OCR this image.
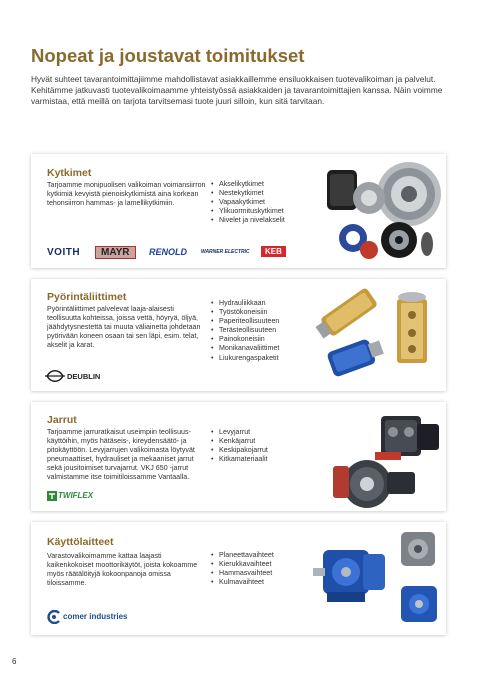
Nopeat ja joustavat toimitukset

Hyvät suhteet tavarantoimittajiimme mahdollistavat asiakkaillemme ensiluokkaisen tuotevalikoiman ja palvelut. Kehitämme jatkuvasti tuotevalikoimaamme yhteistyössä asiakkaiden ja tavarantoimittajien kanssa. Näin voimme varmistaa, että meillä on tarjota tarvitsemasi tuote juuri silloin, kun sitä tarvitaan.

Kytkimet

Tarjoamme monipuolisen valikoiman voimansiirron kytkimiä kevyistä pienoiskytkimistä aina korkean tehonsiirron hammas- ja lamellikytkimiin.

• Akselikytkimet
• Nestekytkimet
• Vapaakytkimet
• Ylikuormituskytkimet
• Nivelet ja nivelakselit
VOITH	MAYR	RENOLD	WARNER ELECTRIC	KEB
Pyörintäliittimet

Pyörintäliittimet palvelevat laaja-alaisesti teollisuutta kohteissa, joissa vettä, höyryä, öljyä, jäähdytysnestettä tai muuta väliainetta johdetaan pyörivään koneen osaan tai sen läpi, esim. telat, akselit ja karat.

• Hydrauliikkaan
• Työstökoneisiin
• Paperiteollisuuteen
• Terästeollisuuteen
• Painokoneisiin
• Monikanavaliittimet
• Liukurengaspaketit
DEUBLIN
Jarrut

Tarjoamme jarruratkaisut useimpiin teollisuus-käyttöihin, myös hätäseis-, kireydensäätö- ja pitokäyttöön. Levyjarrujen valikoimasta löytyvät pneumaattiset, hydrauliset ja mekaaniset jarrut sekä jousitoimiset turvajarrut. VKJ 650 -jarrut valmistamme itse toimitiloissamme Vantaalla.

• Levyjarrut
• Kenkäjarrut
• Keskipakojarrut
• Kitkamateriaalit
TWIFLEX
Käyttölaitteet

Varastovalikoimamme kattaa laajasti kaikenkokoiset moottorikäytöt, joista kokoamme myös räätälöityjä kokoonpanoja omissa tiloissamme.

• Planeettavaihteet
• Kierukkavaihteet
• Hammasvaihteet
• Kulmavaihteet
comer industries
6
